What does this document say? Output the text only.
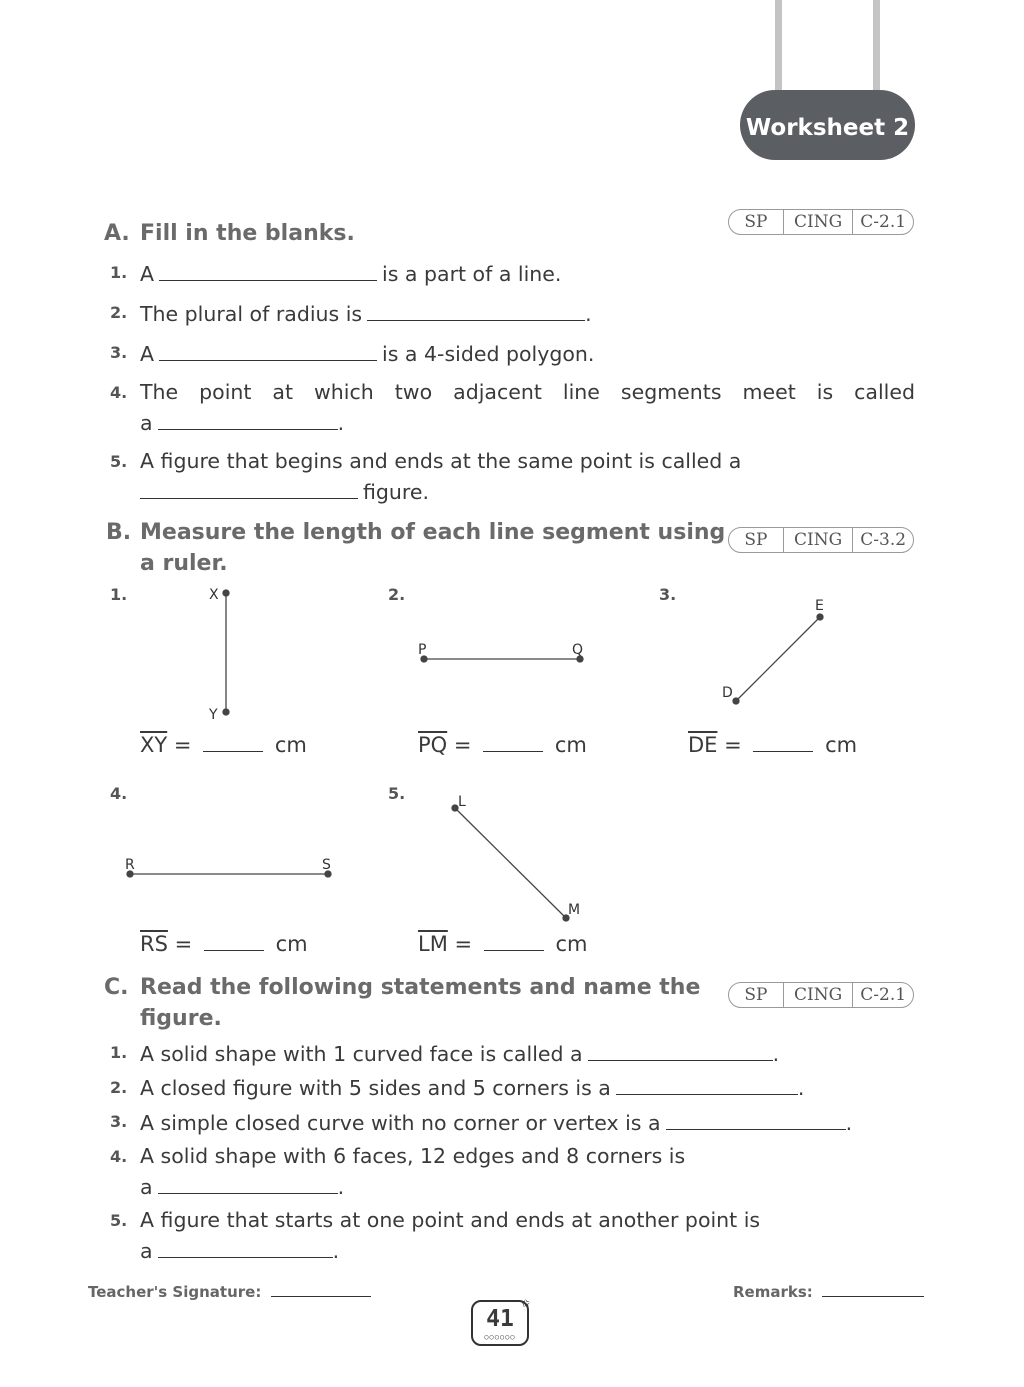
Worksheet 2
A. Fill in the blanks.	SP	CING	C-2.1
1. A	is a part of a line.
2. The plural of radius is	.
3. A	is a 4-sided polygon.
4. The point at which two adjacent line segments meet is called
a	.
5. A figure that begins and ends at the same point is called a
figure.
B. Measure the length of each line segment using
a ruler.
SP	CING	C-3.2
1.	2.	3.
4.	5.
X
Y
P	Q
E
D
R	S
L
M
$\overline{XY}$ =	cm	$\overline{PQ}$ =	cm	$\overline{DE}$ =	cm
$\overline{RS}$ =	cm	$\overline{LM}$ =	cm
C. Read the following statements and name the
figure.
SP	CING	C-2.1
1. A solid shape with 1 curved face is called a	.
2. A closed figure with 5 sides and 5 corners is a	.
3. A simple closed curve with no corner or vertex is a	.
4. A solid shape with 6 faces, 12 edges and 8 corners is
a	.
5. A figure that starts at one point and ends at another point is
a	.
Teacher's Signature:	Remarks:
41
○○○○○○
✩
